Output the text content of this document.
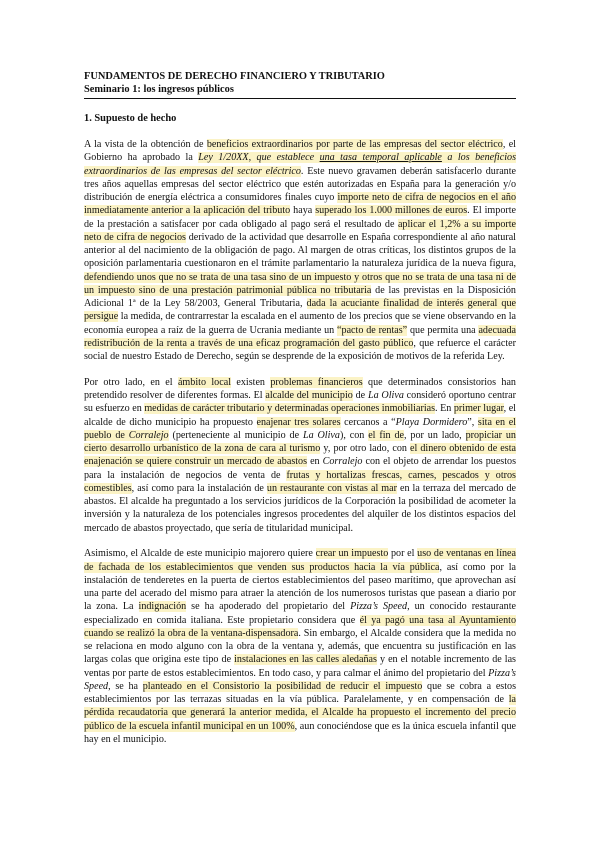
FUNDAMENTOS DE DERECHO FINANCIERO Y TRIBUTARIO

Seminario 1: los ingresos públicos

1. Supuesto de hecho

A la vista de la obtención de beneficios extraordinarios por parte de las empresas del sector eléctrico, el Gobierno ha aprobado la Ley 1/20XX, que establece una tasa temporal aplicable a los beneficios extraordinarios de las empresas del sector eléctrico. Este nuevo gravamen deberán satisfacerlo durante tres años aquellas empresas del sector eléctrico que estén autorizadas en España para la generación y/o distribución de energía eléctrica a consumidores finales cuyo importe neto de cifra de negocios en el año inmediatamente anterior a la aplicación del tributo haya superado los 1.000 millones de euros. El importe de la prestación a satisfacer por cada obligado al pago será el resultado de aplicar el 1,2% a su importe neto de cifra de negocios derivado de la actividad que desarrolle en España correspondiente al año natural anterior al del nacimiento de la obligación de pago. Al margen de otras críticas, los distintos grupos de la oposición parlamentaria cuestionaron en el trámite parlamentario la naturaleza jurídica de la nueva figura, defendiendo unos que no se trata de una tasa sino de un impuesto y otros que no se trata de una tasa ni de un impuesto sino de una prestación patrimonial pública no tributaria de las previstas en la Disposición Adicional 1ª de la Ley 58/2003, General Tributaria, dada la acuciante finalidad de interés general que persigue la medida, de contrarrestar la escalada en el aumento de los precios que se viene observando en la economía europea a raíz de la guerra de Ucrania mediante un “pacto de rentas” que permita una adecuada redistribución de la renta a través de una eficaz programación del gasto público, que refuerce el carácter social de nuestro Estado de Derecho, según se desprende de la exposición de motivos de la referida Ley.

Por otro lado, en el ámbito local existen problemas financieros que determinados consistorios han pretendido resolver de diferentes formas. El alcalde del municipio de La Oliva consideró oportuno centrar su esfuerzo en medidas de carácter tributario y determinadas operaciones inmobiliarias. En primer lugar, el alcalde de dicho municipio ha propuesto enajenar tres solares cercanos a “Playa Dormidero”, sita en el pueblo de Corralejo (perteneciente al municipio de La Oliva), con el fin de, por un lado, propiciar un cierto desarrollo urbanístico de la zona de cara al turismo y, por otro lado, con el dinero obtenido de esta enajenación se quiere construir un mercado de abastos en Corralejo con el objeto de arrendar los puestos para la instalación de negocios de venta de frutas y hortalizas frescas, carnes, pescados y otros comestibles, así como para la instalación de un restaurante con vistas al mar en la terraza del mercado de abastos. El alcalde ha preguntado a los servicios jurídicos de la Corporación la posibilidad de acometer la inversión y la naturaleza de los potenciales ingresos procedentes del alquiler de los distintos espacios del mercado de abastos proyectado, que sería de titularidad municipal.

Asimismo, el Alcalde de este municipio majorero quiere crear un impuesto por el uso de ventanas en línea de fachada de los establecimientos que venden sus productos hacia la vía pública, así como por la instalación de tenderetes en la puerta de ciertos establecimientos del paseo marítimo, que aprovechan así una parte del acerado del mismo para atraer la atención de los numerosos turistas que pasean a diario por la zona. La indignación se ha apoderado del propietario del Pizza’s Speed, un conocido restaurante especializado en comida italiana. Este propietario considera que él ya pagó una tasa al Ayuntamiento cuando se realizó la obra de la ventana-dispensadora. Sin embargo, el Alcalde considera que la medida no se relaciona en modo alguno con la obra de la ventana y, además, que encuentra su justificación en las largas colas que origina este tipo de instalaciones en las calles aledañas y en el notable incremento de las ventas por parte de estos establecimientos. En todo caso, y para calmar el ánimo del propietario del Pizza’s Speed, se ha planteado en el Consistorio la posibilidad de reducir el impuesto que se cobra a estos establecimientos por las terrazas situadas en la vía pública. Paralelamente, y en compensación de la pérdida recaudatoria que generará la anterior medida, el Alcalde ha propuesto el incremento del precio público de la escuela infantil municipal en un 100%, aun conociéndose que es la única escuela infantil que hay en el municipio.
